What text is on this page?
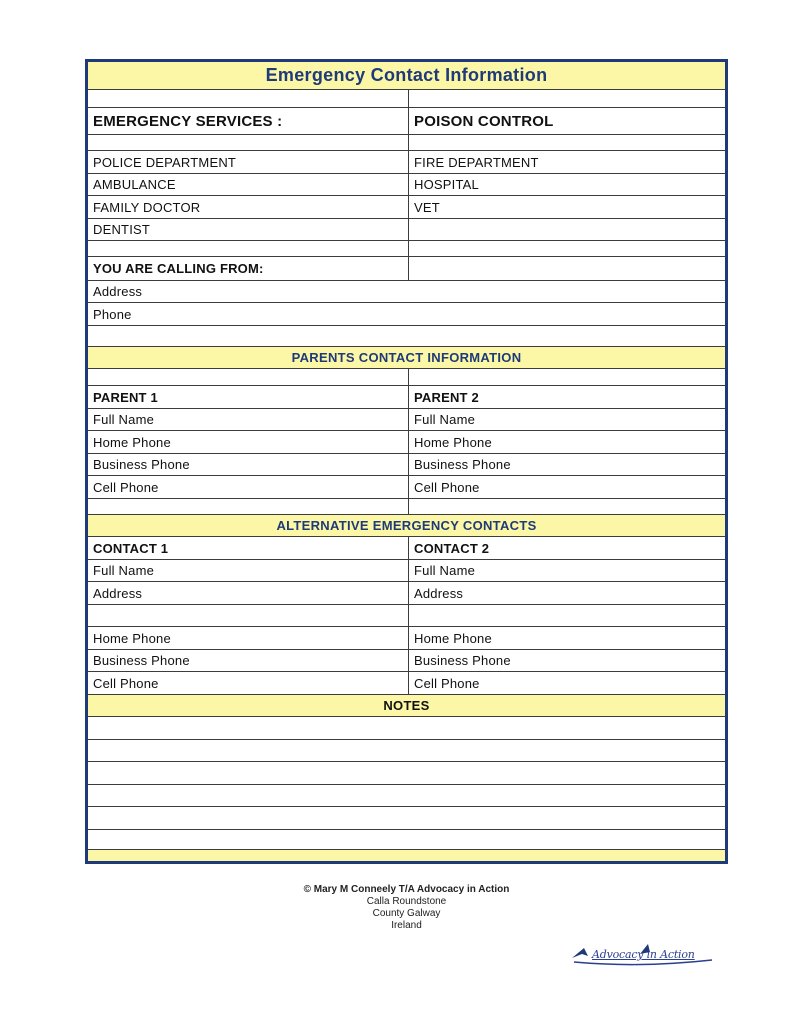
Emergency Contact Information
EMERGENCY SERVICES :	POISON CONTROL
POLICE DEPARTMENT	FIRE DEPARTMENT
AMBULANCE	HOSPITAL
FAMILY DOCTOR	VET
DENTIST
YOU ARE CALLING FROM:
Address
Phone
PARENTS CONTACT INFORMATION
PARENT 1	PARENT 2
Full Name	Full Name
Home Phone	Home Phone
Business Phone	Business Phone
Cell Phone	Cell Phone
ALTERNATIVE EMERGENCY CONTACTS
CONTACT 1	CONTACT 2
Full Name	Full Name
Address	Address
Home Phone	Home Phone
Business Phone	Business Phone
Cell Phone	Cell Phone
NOTES
© Mary M Conneely T/A Advocacy in Action
Calla Roundstone
County Galway
Ireland
Advocacy in Action
